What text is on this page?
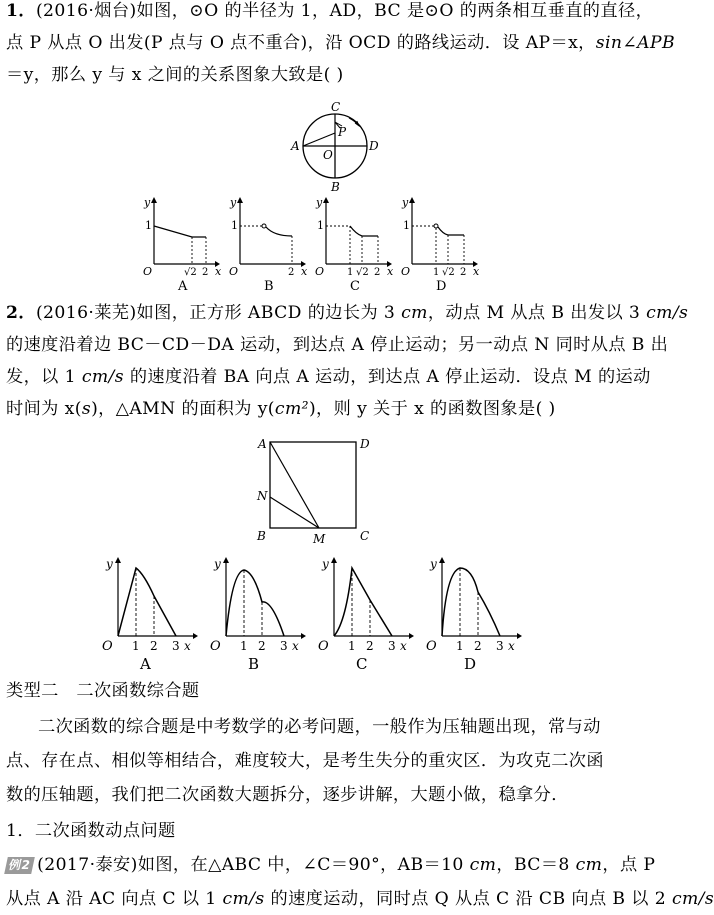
1．(2016·烟台)如图，⊙O 的半径为 1，AD，BC 是⊙O 的两条相互垂直的直径，
点 P 从点 O 出发(P 点与 O 点不重合)，沿 OCD 的路线运动．设 AP＝x，sin∠APB
＝y，那么 y 与 x 之间的关系图象大致是( )
C
P
A
O
D
B
y
1
O	√2 2 x
A
y
1
O	2 x
B
y
1
O 1 √2 2 x
C
y
1
O 1 √2 2 x
D
2．(2016·莱芜)如图，正方形 ABCD 的边长为 3 cm，动点 M 从点 B 出发以 3 cm/s
的速度沿着边 BC－CD－DA 运动，到达点 A 停止运动；另一动点 N 同时从点 B 出
发，以 1 cm/s 的速度沿着 BA 向点 A 运动，到达点 A 停止运动．设点 M 的运动
时间为 x(s)，△AMN 的面积为 y(cm²)，则 y 关于 x 的函数图象是( )
A	D
N
B	M	C
y
O 1 2 3 x
A
y
O 1 2 3 x
B
y
O 1 2 3 x
C
y
O 1 2 3 x
D
类型二　二次函数综合题
二次函数的综合题是中考数学的必考问题，一般作为压轴题出现，常与动
点、存在点、相似等相结合，难度较大，是考生失分的重灾区．为攻克二次函
数的压轴题，我们把二次函数大题拆分，逐步讲解，大题小做，稳拿分．
1．二次函数动点问题
例2 (2017·泰安)如图，在△ABC 中，∠C＝90°，AB＝10 cm，BC＝8 cm，点 P
从点 A 沿 AC 向点 C 以 1 cm/s 的速度运动，同时点 Q 从点 C 沿 CB 向点 B 以 2 cm/s
